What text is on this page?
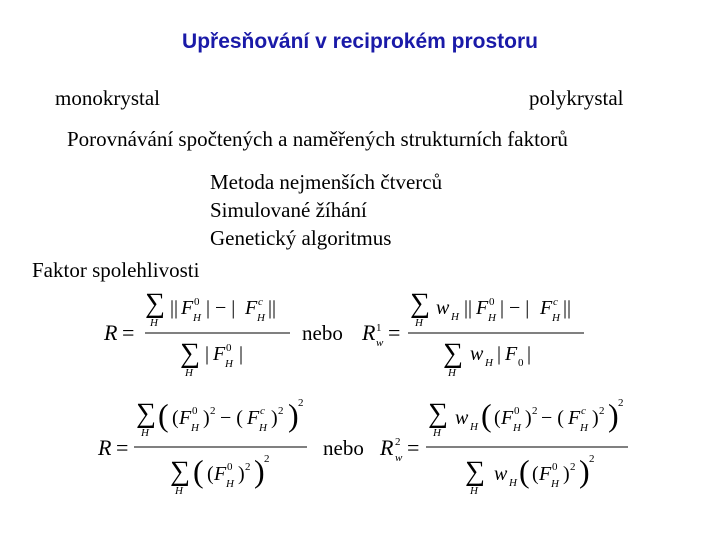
Upřesňování v reciprokém prostoru
monokrystal	polykrystal
Porovnávání spočtených a naměřených strukturních faktorů
Metoda nejmenších čtverců
Simulované žíhání
Genetický algoritmus
Faktor spolehlivosti
R =
∑
H
|| F 0
H | − | F c
H ||
∑
H
| F 0
H |
nebo R 1
w =
∑
H
w H || F 0
H | − | F c
H ||
∑
H
w H | F 0 |
R =
∑
H ( ( F 0
H ) 2 − ( F c
H ) 2 ) 2
∑
H
( ( F 0
H ) 2 ) 2	nebo R 2
w =
∑
H
w H ( ( F 0
H ) 2 − ( F c
H ) 2 ) 2
∑
H
w H ( ( F 0
H ) 2 ) 2
